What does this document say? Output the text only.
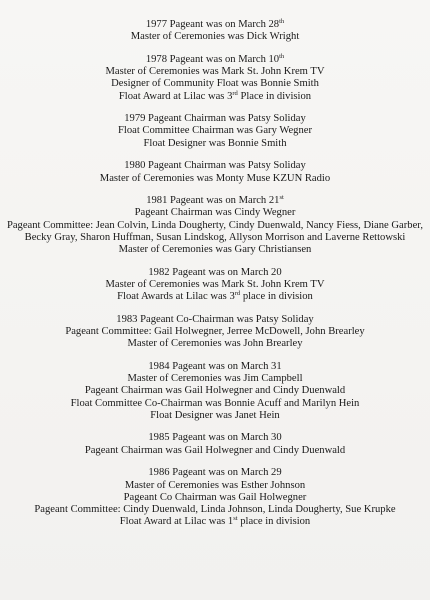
1977 Pageant was on March 28th
Master of Ceremonies was Dick Wright
1978 Pageant was on March 10th
Master of Ceremonies was Mark St. John Krem TV
Designer of Community Float was Bonnie Smith
Float Award at Lilac was 3rd Place in division
1979 Pageant Chairman was Patsy Soliday
Float Committee Chairman was Gary Wegner
Float Designer was Bonnie Smith
1980 Pageant Chairman was Patsy Soliday
Master of Ceremonies was Monty Muse KZUN Radio
1981 Pageant was on March 21st
Pageant Chairman was Cindy Wegner
Pageant Committee: Jean Colvin, Linda Dougherty, Cindy Duenwald, Nancy Fiess, Diane Garber, Becky Gray, Sharon Huffman, Susan Lindskog, Allyson Morrison and Laverne Rettowski
Master of Ceremonies was Gary Christiansen
1982 Pageant was on March 20
Master of Ceremonies was Mark St. John Krem TV
Float Awards at Lilac was 3rd place in division
1983 Pageant Co-Chairman was Patsy Soliday
Pageant Committee: Gail Holwegner, Jerree McDowell, John Brearley
Master of Ceremonies was John Brearley
1984 Pageant was on March 31
Master of Ceremonies was Jim Campbell
Pageant Chairman was Gail Holwegner and Cindy Duenwald
Float Committee Co-Chairman was Bonnie Acuff and Marilyn Hein
Float Designer was Janet Hein
1985 Pageant was on March 30
Pageant Chairman was Gail Holwegner and Cindy Duenwald
1986 Pageant was on March 29
Master of Ceremonies was Esther Johnson
Pageant Co Chairman was Gail Holwegner
Pageant Committee: Cindy Duenwald, Linda Johnson, Linda Dougherty, Sue Krupke
Float Award at Lilac was 1st place in division
